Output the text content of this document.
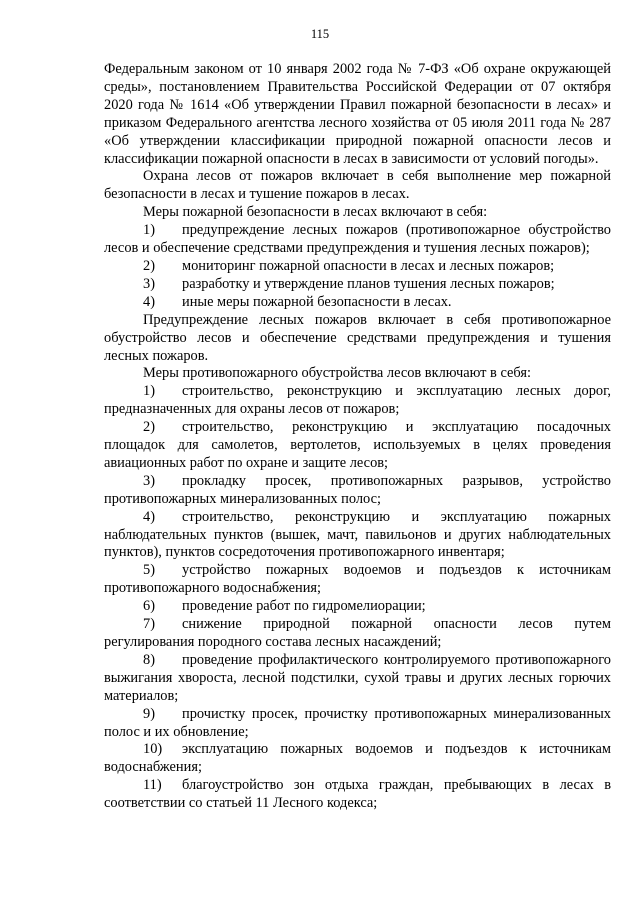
115

Федеральным законом от 10 января 2002 года № 7-ФЗ «Об охране окружающей среды», постановлением Правительства Российской Федерации от 07 октября 2020 года № 1614 «Об утверждении Правил пожарной безопасности в лесах» и приказом Федерального агентства лесного хозяйства от 05 июля 2011 года № 287 «Об утверждении классификации природной пожарной опасности лесов и классификации пожарной опасности в лесах в зависимости от условий погоды».

Охрана лесов от пожаров включает в себя выполнение мер пожарной безопасности в лесах и тушение пожаров в лесах.

Меры пожарной безопасности в лесах включают в себя:

1) предупреждение лесных пожаров (противопожарное обустройство лесов и обеспечение средствами предупреждения и тушения лесных пожаров);

2) мониторинг пожарной опасности в лесах и лесных пожаров;

3) разработку и утверждение планов тушения лесных пожаров;

4) иные меры пожарной безопасности в лесах.

Предупреждение лесных пожаров включает в себя противопожарное обустройство лесов и обеспечение средствами предупреждения и тушения лесных пожаров.

Меры противопожарного обустройства лесов включают в себя:

1) строительство, реконструкцию и эксплуатацию лесных дорог, предназначенных для охраны лесов от пожаров;

2) строительство, реконструкцию и эксплуатацию посадочных площадок для самолетов, вертолетов, используемых в целях проведения авиационных работ по охране и защите лесов;

3) прокладку просек, противопожарных разрывов, устройство противопожарных минерализованных полос;

4) строительство, реконструкцию и эксплуатацию пожарных наблюдательных пунктов (вышек, мачт, павильонов и других наблюдательных пунктов), пунктов сосредоточения противопожарного инвентаря;

5) устройство пожарных водоемов и подъездов к источникам противопожарного водоснабжения;

6) проведение работ по гидромелиорации;

7) снижение природной пожарной опасности лесов путем регулирования породного состава лесных насаждений;

8) проведение профилактического контролируемого противопожарного выжигания хвороста, лесной подстилки, сухой травы и других лесных горючих материалов;

9) прочистку просек, прочистку противопожарных минерализованных полос и их обновление;

10) эксплуатацию пожарных водоемов и подъездов к источникам водоснабжения;

11) благоустройство зон отдыха граждан, пребывающих в лесах в соответствии со статьей 11 Лесного кодекса;
